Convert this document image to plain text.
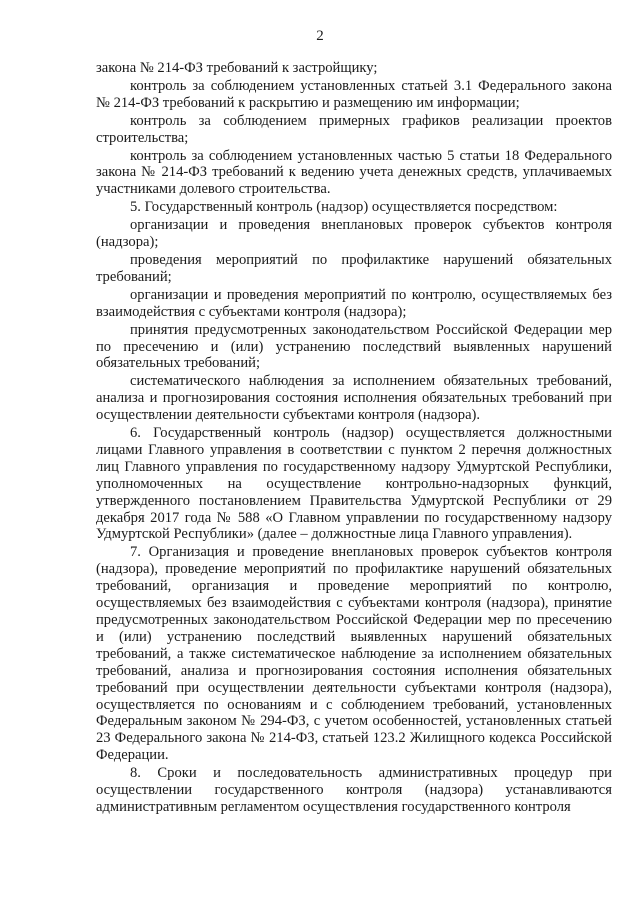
2

закона № 214-ФЗ требований к застройщику;

контроль за соблюдением установленных статьей 3.1 Федерального закона № 214-ФЗ требований к раскрытию и размещению им информации;

контроль за соблюдением примерных графиков реализации проектов строительства;

контроль за соблюдением установленных частью 5 статьи 18 Федерального закона № 214-ФЗ требований к ведению учета денежных средств, уплачиваемых участниками долевого строительства.

5. Государственный контроль (надзор) осуществляется посредством:

организации и проведения внеплановых проверок субъектов контроля (надзора);

проведения мероприятий по профилактике нарушений обязательных требований;

организации и проведения мероприятий по контролю, осуществляемых без взаимодействия с субъектами контроля (надзора);

принятия предусмотренных законодательством Российской Федерации мер по пресечению и (или) устранению последствий выявленных нарушений обязательных требований;

систематического наблюдения за исполнением обязательных требований, анализа и прогнозирования состояния исполнения обязательных требований при осуществлении деятельности субъектами контроля (надзора).

6. Государственный контроль (надзор) осуществляется должностными лицами Главного управления в соответствии с пунктом 2 перечня должностных лиц Главного управления по государственному надзору Удмуртской Республики, уполномоченных на осуществление контрольно-надзорных функций, утвержденного постановлением Правительства Удмуртской Республики от 29 декабря 2017 года № 588 «О Главном управлении по государственному надзору Удмуртской Республики» (далее – должностные лица Главного управления).

7. Организация и проведение внеплановых проверок субъектов контроля (надзора), проведение мероприятий по профилактике нарушений обязательных требований, организация и проведение мероприятий по контролю, осуществляемых без взаимодействия с субъектами контроля (надзора), принятие предусмотренных законодательством Российской Федерации мер по пресечению и (или) устранению последствий выявленных нарушений обязательных требований, а также систематическое наблюдение за исполнением обязательных требований, анализа и прогнозирования состояния исполнения обязательных требований при осуществлении деятельности субъектами контроля (надзора), осуществляется по основаниям и с соблюдением требований, установленных Федеральным законом № 294-ФЗ, с учетом особенностей, установленных статьей 23 Федерального закона № 214-ФЗ, статьей 123.2 Жилищного кодекса Российской Федерации.

8. Сроки и последовательность административных процедур при осуществлении государственного контроля (надзора) устанавливаются административным регламентом осуществления государственного контроля
